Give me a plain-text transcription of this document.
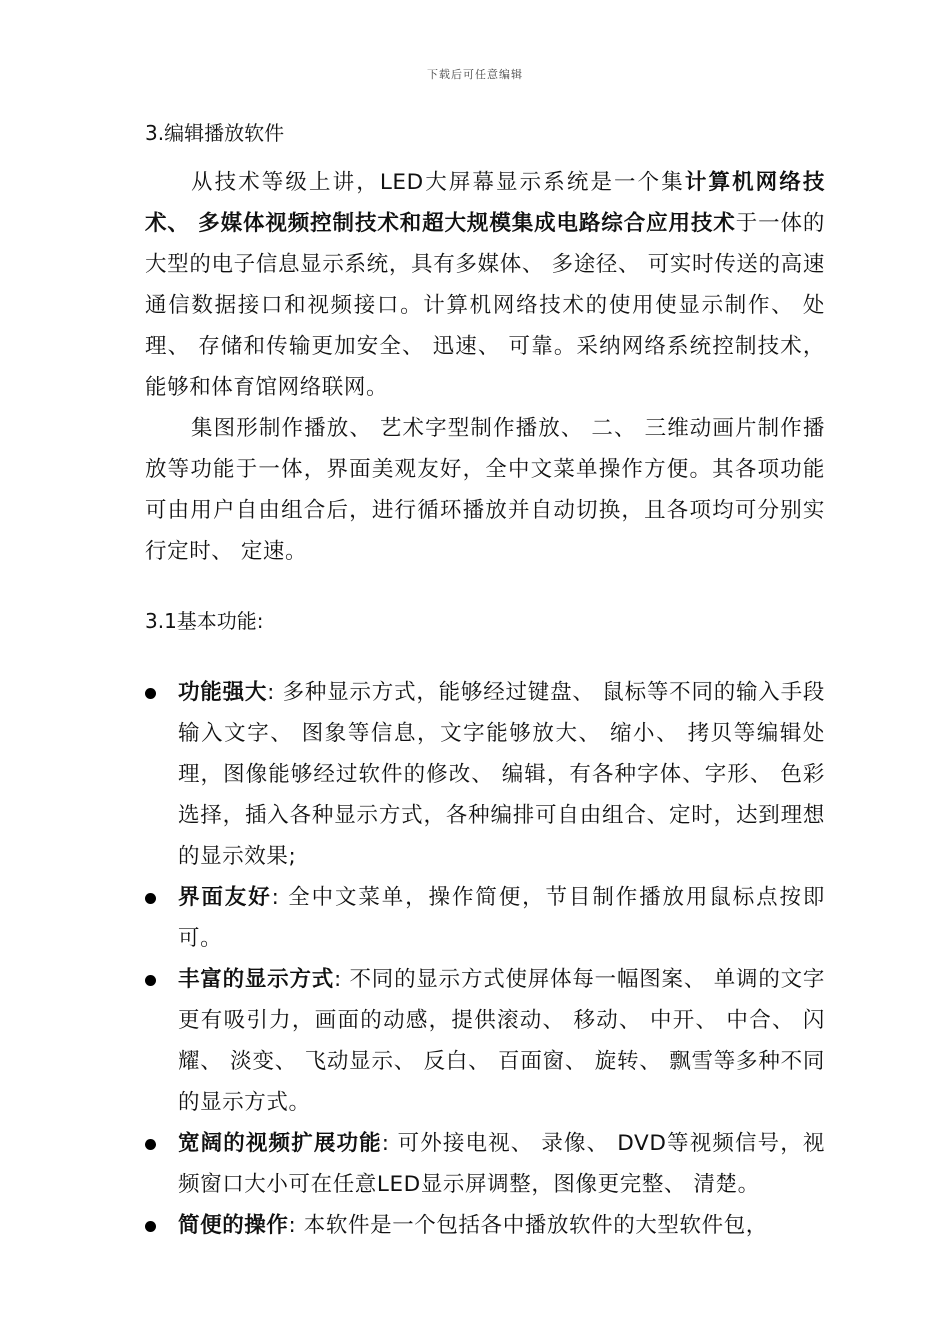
下载后可任意编辑
3.编辑播放软件

从技术等级上讲，LED大屏幕显示系统是一个集计算机网络技术、 多媒体视频控制技术和超大规模集成电路综合应用技术于一体的大型的电子信息显示系统，具有多媒体、 多途径、 可实时传送的高速通信数据接口和视频接口。计算机网络技术的使用使显示制作、 处理、 存储和传输更加安全、 迅速、 可靠。采纳网络系统控制技术，能够和体育馆网络联网。

集图形制作播放、 艺术字型制作播放、 二、 三维动画片制作播放等功能于一体，界面美观友好，全中文菜单操作方便。其各项功能可由用户自由组合后，进行循环播放并自动切换，且各项均可分别实行定时、 定速。

3.1基本功能:
功能强大: 多种显示方式，能够经过键盘、 鼠标等不同的输入手段输入文字、 图象等信息，文字能够放大、 缩小、 拷贝等编辑处理，图像能够经过软件的修改、 编辑，有各种字体、字形、 色彩选择，插入各种显示方式，各种编排可自由组合、定时，达到理想的显示效果;
界面友好: 全中文菜单，操作简便，节目制作播放用鼠标点按即可。
丰富的显示方式: 不同的显示方式使屏体每一幅图案、 单调的文字更有吸引力，画面的动感，提供滚动、 移动、 中开、 中合、 闪耀、 淡变、 飞动显示、 反白、 百面窗、 旋转、 飘雪等多种不同的显示方式。
宽阔的视频扩展功能: 可外接电视、 录像、 DVD等视频信号，视频窗口大小可在任意LED显示屏调整，图像更完整、 清楚。
简便的操作: 本软件是一个包括各中播放软件的大型软件包，
